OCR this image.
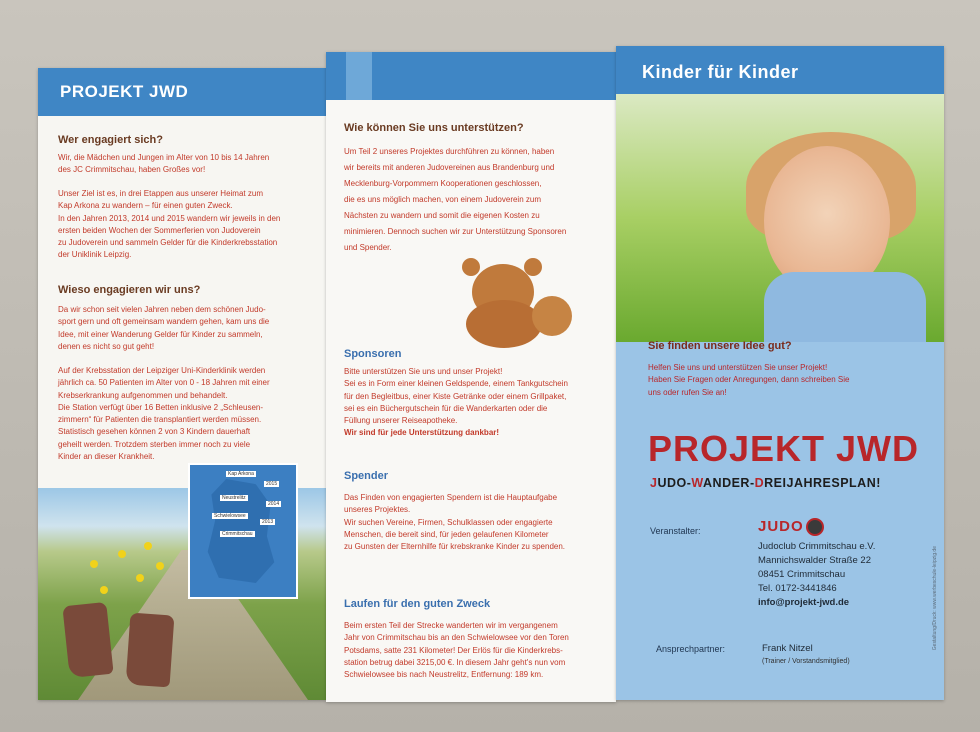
PROJEKT JWD
Wer engagiert sich?
Wir, die Mädchen und Jungen im Alter von 10 bis 14 Jahren
des JC Crimmitschau, haben Großes vor!
Unser Ziel ist es, in drei Etappen aus unserer Heimat zum
Kap Arkona zu wandern – für einen guten Zweck.
In den Jahren 2013, 2014 und 2015 wandern wir jeweils in den
ersten beiden Wochen der Sommerferien von Judoverein
zu Judoverein und sammeln Gelder für die Kinderkrebsstation
der Uniklinik Leipzig.
Wieso engagieren wir uns?
Da wir schon seit vielen Jahren neben dem schönen Judo-
sport gern und oft gemeinsam wandern gehen, kam uns die
Idee, mit einer Wanderung Gelder für Kinder zu sammeln,
denen es nicht so gut geht!
Auf der Krebsstation der Leipziger Uni-Kinderklinik werden
jährlich ca. 50 Patienten im Alter von 0 - 18 Jahren mit einer
Krebserkrankung aufgenommen und behandelt.
Die Station verfügt über 16 Betten inklusive 2 „Schleusen-
zimmern“ für Patienten die transplantiert werden müssen.
Statistisch gesehen können 2 von 3 Kindern dauerhaft
geheilt werden. Trotzdem sterben immer noch zu viele
Kinder an dieser Krankheit.
Kap Arkona
2015
Neustrelitz
2014
Schwielowsee
2013
Crimmitschau
Wie können Sie uns unterstützen?
Um Teil 2 unseres Projektes durchführen zu können, haben
wir bereits mit anderen Judovereinen aus Brandenburg und
Mecklenburg-Vorpommern Kooperationen geschlossen,
die es uns möglich machen, von einem Judoverein zum
Nächsten zu wandern und somit die eigenen Kosten zu
minimieren. Dennoch suchen wir zur Unterstützung Sponsoren
und Spender.
Sponsoren
Bitte unterstützen Sie uns und unser Projekt!
Sei es in Form einer kleinen Geldspende, einem Tankgutschein
für den Begleitbus, einer Kiste Getränke oder einem Grillpaket,
sei es ein Büchergutschein für die Wanderkarten oder die
Füllung unserer Reiseapotheke.
Wir sind für jede Unterstützung dankbar!
Spender
Das Finden von engagierten Spendern ist die Hauptaufgabe
unseres Projektes.
Wir suchen Vereine, Firmen, Schulklassen oder engagierte
Menschen, die bereit sind, für jeden gelaufenen Kilometer
zu Gunsten der Elternhilfe für krebskranke Kinder zu spenden.
Laufen für den guten Zweck
Beim ersten Teil der Strecke wanderten wir im vergangenem
Jahr von Crimmitschau bis an den Schwielowsee vor den Toren
Potsdams, satte 231 Kilometer! Der Erlös für die Kinderkrebs-
station betrug dabei 3215,00 €. In diesem Jahr geht's nun vom
Schwielowsee bis nach Neustrelitz, Entfernung: 189 km.
Kinder für Kinder
Sie finden unsere Idee gut?
Helfen Sie uns und unterstützen Sie unser Projekt!
Haben Sie Fragen oder Anregungen, dann schreiben Sie
uns oder rufen Sie an!
PROJEKT JWD
JUDO-WANDER-DREIJAHRESPLAN!
Veranstalter:	JUDO
Judoclub Crimmitschau e.V.
Mannichswalder Straße 22
08451 Crimmitschau
Tel. 0172-3441846
info@projekt-jwd.de
Ansprechpartner:	Frank Nitzel
(Trainer / Vorstandsmitglied)
Gestaltung/Druck: www.werbeschule-leipzig.de
